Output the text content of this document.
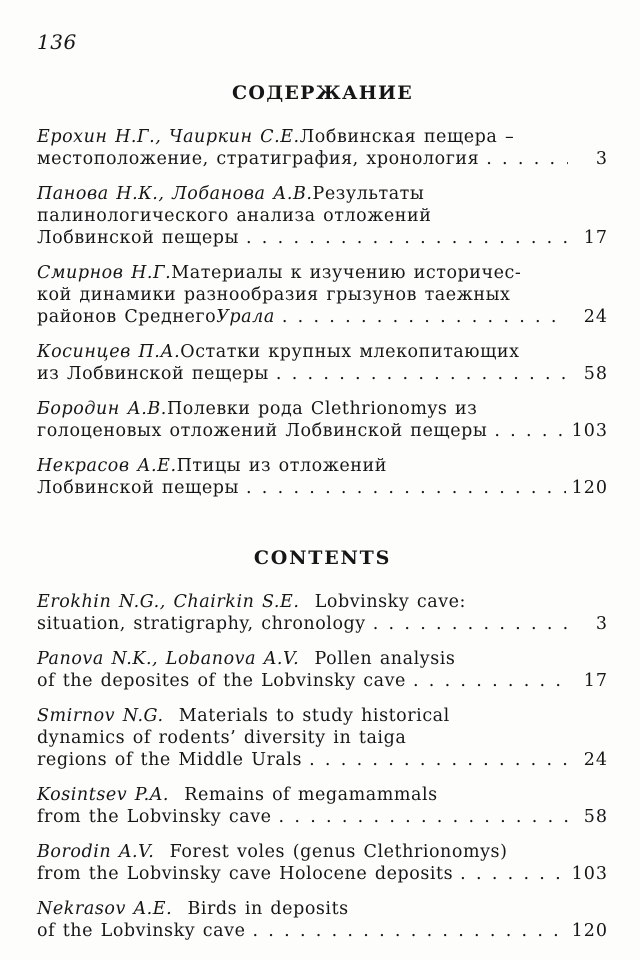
136
СОДЕРЖАНИЕ
Ерохин Н.Г., Чаиркин С.Е. Лобвинская пещера –
местоположение, стратиграфия, хронология . . .	3
Панова Н.К., Лобанова А.В. Результаты
палинологического анализа отложений
Лобвинской пещеры . . .	17
Смирнов Н.Г. Материалы к изучению историчес-
кой динамики разнообразия грызунов таежных
районов Среднего Урала . . .	24
Косинцев П.А. Остатки крупных млекопитающих
из Лобвинской пещеры . . .	58
Бородин А.В. Полевки рода Clethrionomys из
голоценовых отложений Лобвинской пещеры . . .	103
Некрасов А.Е. Птицы из отложений
Лобвинской пещеры . . .	120
CONTENTS
Erokhin N.G., Chairkin S.E. Lobvinsky cave:
situation, stratigraphy, chronology . . .	3
Panova N.K., Lobanova A.V. Pollen analysis
of the deposites of the Lobvinsky cave . . .	17
Smirnov N.G. Materials to study historical
dynamics of rodents’ diversity in taiga
regions of the Middle Urals . . .	24
Kosintsev P.A. Remains of megamammals
from the Lobvinsky cave . . .	58
Borodin A.V. Forest voles (genus Clethrionomys)
from the Lobvinsky cave Holocene deposits . . .	103
Nekrasov A.E. Birds in deposits
of the Lobvinsky cave . . .	120
